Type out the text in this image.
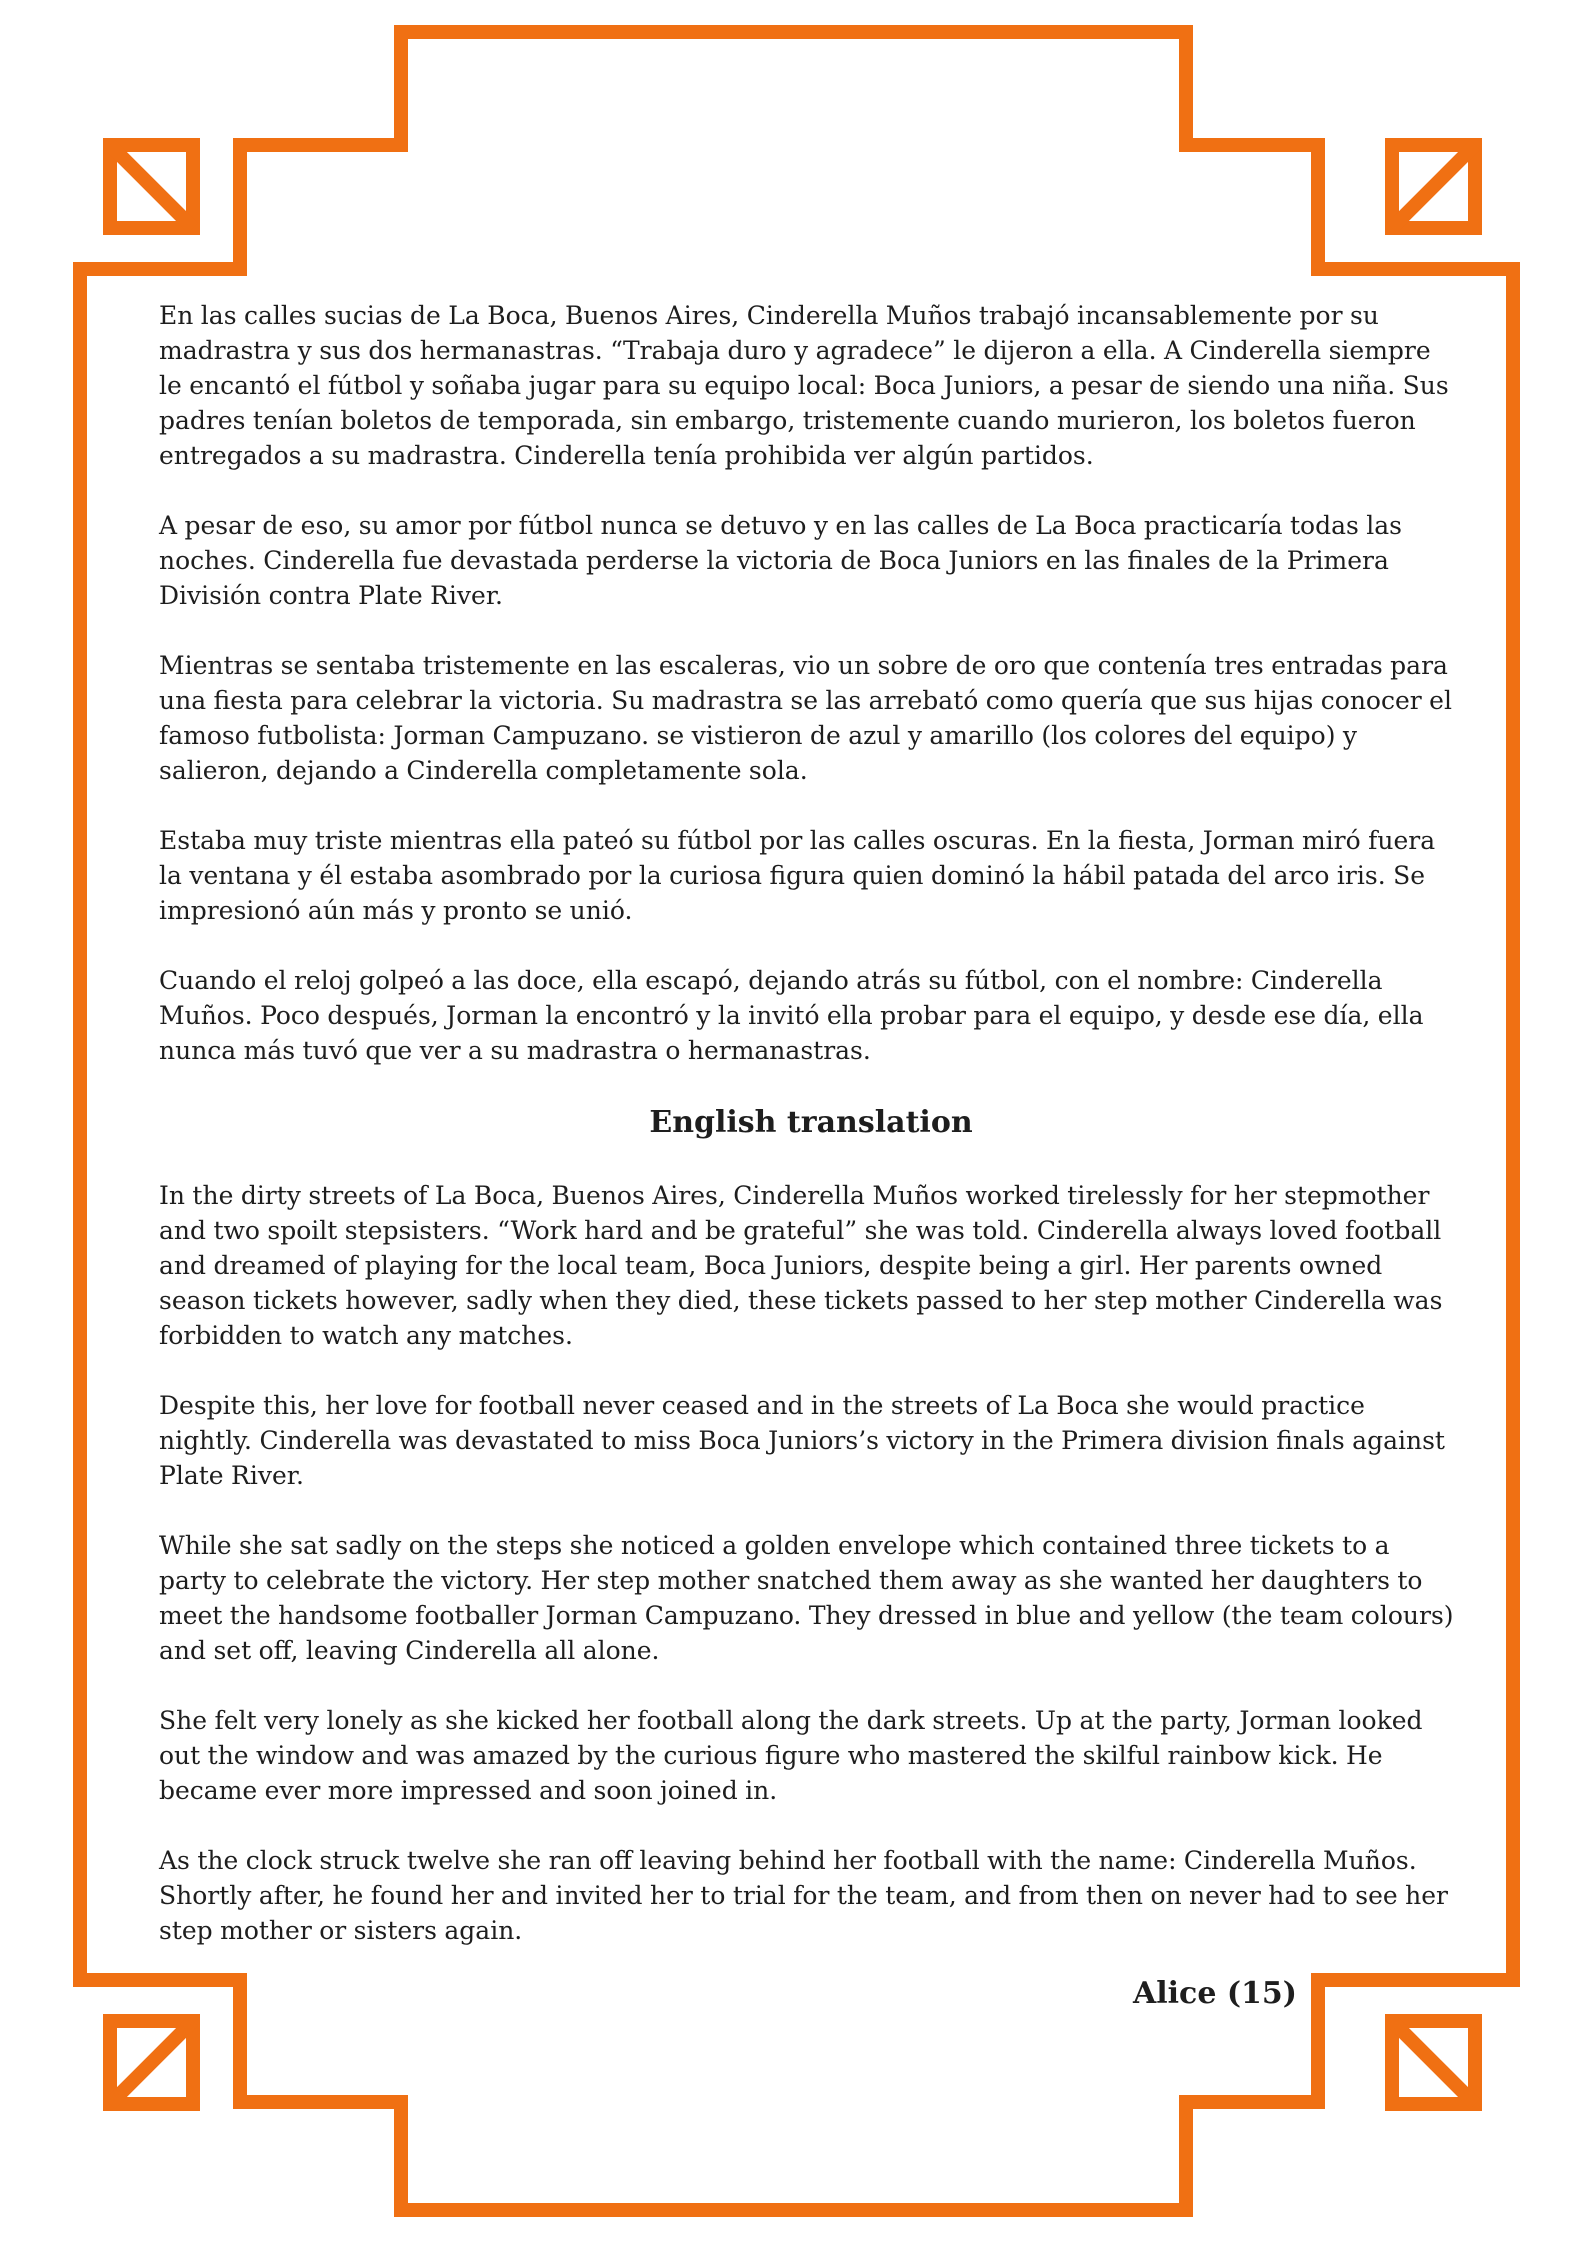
En las calles sucias de La Boca, Buenos Aires, Cinderella Muños trabajó incansablemente por su madrastra y sus dos hermanastras. “Trabaja duro y agradece” le dijeron a ella. A Cinderella siempre le encantó el fútbol y soñaba jugar para su equipo local: Boca Juniors, a pesar de siendo una niña. Sus padres tenían boletos de temporada, sin embargo, tristemente cuando murieron, los boletos fueron entregados a su madrastra. Cinderella tenía prohibida ver algún partidos.

A pesar de eso, su amor por fútbol nunca se detuvo y en las calles de La Boca practicaría todas las noches. Cinderella fue devastada perderse la victoria de Boca Juniors en las finales de la Primera División contra Plate River.

Mientras se sentaba tristemente en las escaleras, vio un sobre de oro que contenía tres entradas para una fiesta para celebrar la victoria. Su madrastra se las arrebató como quería que sus hijas conocer el famoso futbolista: Jorman Campuzano. se vistieron de azul y amarillo (los colores del equipo) y salieron, dejando a Cinderella completamente sola.

Estaba muy triste mientras ella pateó su fútbol por las calles oscuras. En la fiesta, Jorman miró fuera la ventana y él estaba asombrado por la curiosa figura quien dominó la hábil patada del arco iris. Se impresionó aún más y pronto se unió.

Cuando el reloj golpeó a las doce, ella escapó, dejando atrás su fútbol, con el nombre: Cinderella Muños. Poco después, Jorman la encontró y la invitó ella probar para el equipo, y desde ese día, ella nunca más tuvó que ver a su madrastra o hermanastras.

English translation

In the dirty streets of La Boca, Buenos Aires, Cinderella Muños worked tirelessly for her stepmother and two spoilt stepsisters. “Work hard and be grateful” she was told. Cinderella always loved football and dreamed of playing for the local team, Boca Juniors, despite being a girl. Her parents owned season tickets however, sadly when they died, these tickets passed to her step mother Cinderella was forbidden to watch any matches.

Despite this, her love for football never ceased and in the streets of La Boca she would practice nightly. Cinderella was devastated to miss Boca Juniors’s victory in the Primera division finals against Plate River.

While she sat sadly on the steps she noticed a golden envelope which contained three tickets to a party to celebrate the victory. Her step mother snatched them away as she wanted her daughters to meet the handsome footballer Jorman Campuzano. They dressed in blue and yellow (the team colours) and set off, leaving Cinderella all alone.

She felt very lonely as she kicked her football along the dark streets. Up at the party, Jorman looked out the window and was amazed by the curious figure who mastered the skilful rainbow kick. He became ever more impressed and soon joined in.

As the clock struck twelve she ran off leaving behind her football with the name: Cinderella Muños. Shortly after, he found her and invited her to trial for the team, and from then on never had to see her step mother or sisters again.

Alice (15)
